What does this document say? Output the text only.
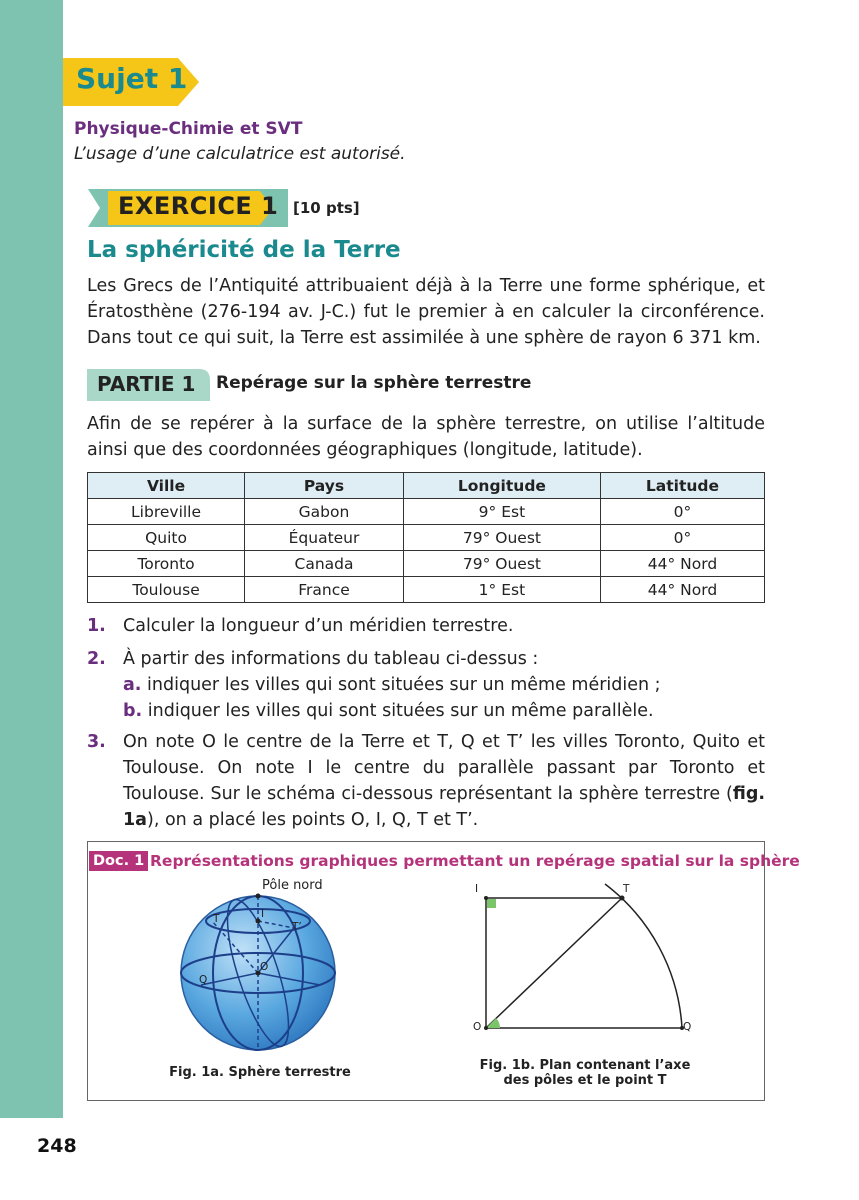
Sujet 1
Physique-Chimie et SVT
L’usage d’une calculatrice est autorisé.
EXERCICE 1 [10 pts]
La sphéricité de la Terre
Les Grecs de l’Antiquité attribuaient déjà à la Terre une forme sphérique, et Ératosthène (276-194 av. J-C.) fut le premier à en calculer la circonférence. Dans tout ce qui suit, la Terre est assimilée à une sphère de rayon 6 371 km.
PARTIE 1 Repérage sur la sphère terrestre
Afin de se repérer à la surface de la sphère terrestre, on utilise l’altitude ainsi que des coordonnées géographiques (longitude, latitude).
Ville	Pays	Longitude	Latitude
Libreville	Gabon	9° Est	0°
Quito	Équateur	79° Ouest	0°
Toronto	Canada	79° Ouest	44° Nord
Toulouse	France	1° Est	44° Nord
1. Calculer la longueur d’un méridien terrestre.
2. À partir des informations du tableau ci-dessus :
a. indiquer les villes qui sont situées sur un même méridien ;
b. indiquer les villes qui sont situées sur un même parallèle.
3. On note O le centre de la Terre et T, Q et T’ les villes Toronto, Quito et Toulouse. On note I le centre du parallèle passant par Toronto et Toulouse. Sur le schéma ci-dessous représentant la sphère terrestre (fig. 1a), on a placé les points O, I, Q, T et T’.
Doc. 1 Représentations graphiques permettant un repérage spatial sur la sphère
Pôle nord
I
T
T’
O
Q
Fig. 1a. Sphère terrestre
I	T
O	Q
Fig. 1b. Plan contenant l’axe
des pôles et le point T
248
